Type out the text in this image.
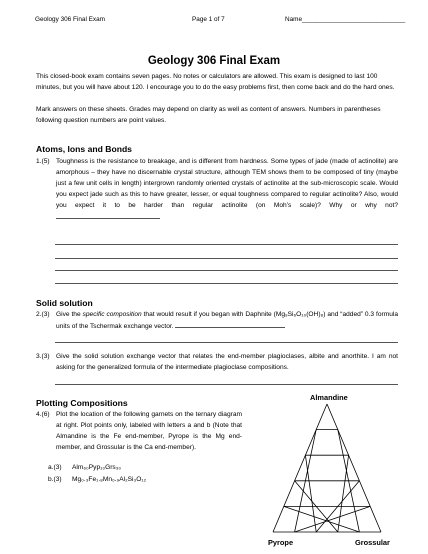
Geology 306 Final Exam	Page 1 of 7	Name_____________________________
Geology 306 Final Exam
This closed-book exam contains seven pages. No notes or calculators are allowed. This exam is designed to last 100 minutes, but you will have about 120. I encourage you to do the easy problems first, then come back and do the hard ones.
Mark answers on these sheets. Grades may depend on clarity as well as content of answers. Numbers in parentheses following question numbers are point values.
Atoms, Ions and Bonds
1.(5) Toughness is the resistance to breakage, and is different from hardness. Some types of jade (made of actinolite) are amorphous – they have no discernable crystal structure, although TEM shows them to be composed of tiny (maybe just a few unit cells in length) intergrown randomly oriented crystals of actinolite at the sub-microscopic scale. Would you expect jade such as this to have greater, lesser, or equal toughness compared to regular actinolite? Also, would you expect it to be harder than regular actinolite (on Moh’s scale)? Why or why not?
Solid solution
2.(3) Give the specific composition that would result if you began with Daphnite (Mg₉Si₆O₁₀(OH)₈) and “added” 0.3 formula units of the Tschermak exchange vector.
3.(3) Give the solid solution exchange vector that relates the end-member plagioclases, albite and anorthite. I am not asking for the generalized formula of the intermediate plagioclase compositions.
Plotting Compositions
4.(6) Plot the location of the following garnets on the ternary diagram at right. Plot points only, labeled with letters a and b (Note that Almandine is the Fe end-member, Pyrope is the Mg end-member, and Grossular is the Ca end-member).
a.(3) Alm₆₀Pyp₁₀Grs₃₀
b.(3) Mg₀.₃Fe₁.₈Mn₀.₉Al₂Si₃O₁₂
Almandine
Pyrope	Grossular
